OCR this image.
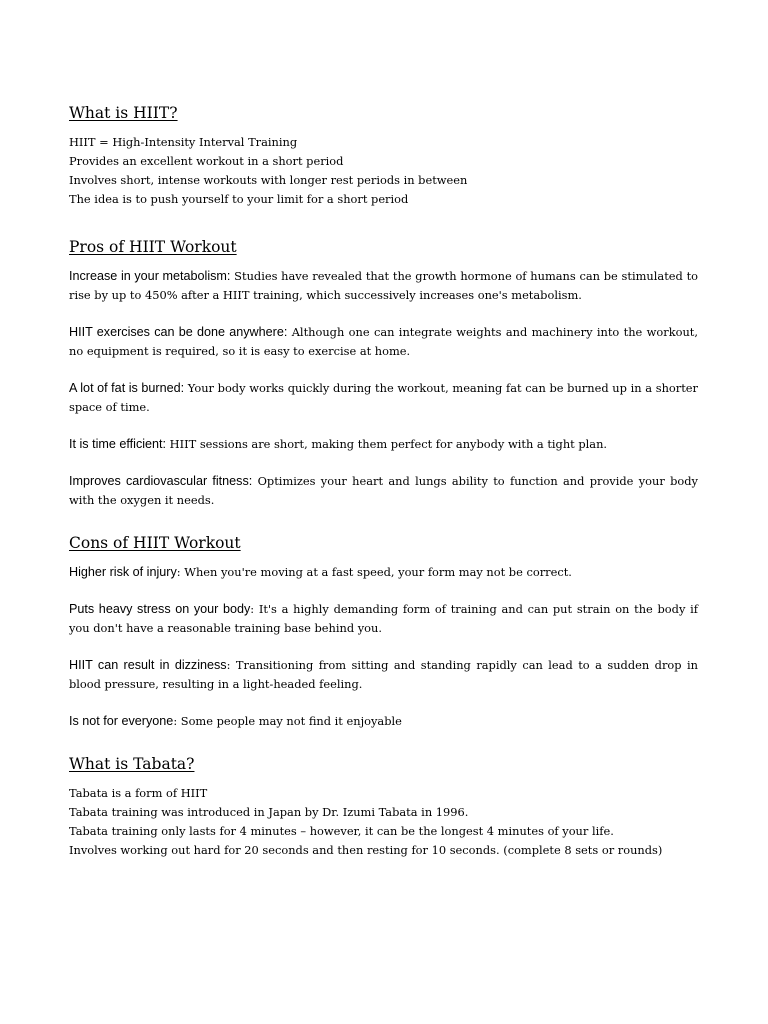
What is HIIT?

HIIT = High-Intensity Interval Training

Provides an excellent workout in a short period

Involves short, intense workouts with longer rest periods in between

The idea is to push yourself to your limit for a short period

Pros of HIIT Workout

Increase in your metabolism: Studies have revealed that the growth hormone of humans can be stimulated to rise by up to 450% after a HIIT training, which successively increases one's metabolism.

HIIT exercises can be done anywhere: Although one can integrate weights and machinery into the workout, no equipment is required, so it is easy to exercise at home.

A lot of fat is burned: Your body works quickly during the workout, meaning fat can be burned up in a shorter space of time.

It is time efficient: HIIT sessions are short, making them perfect for anybody with a tight plan.

Improves cardiovascular fitness: Optimizes your heart and lungs ability to function and provide your body with the oxygen it needs.

Cons of HIIT Workout

Higher risk of injury: When you're moving at a fast speed, your form may not be correct.

Puts heavy stress on your body: It's a highly demanding form of training and can put strain on the body if you don't have a reasonable training base behind you.

HIIT can result in dizziness: Transitioning from sitting and standing rapidly can lead to a sudden drop in blood pressure, resulting in a light-headed feeling.

Is not for everyone: Some people may not find it enjoyable

What is Tabata?

Tabata is a form of HIIT

Tabata training was introduced in Japan by Dr. Izumi Tabata in 1996.

Tabata training only lasts for 4 minutes – however, it can be the longest 4 minutes of your life.

Involves working out hard for 20 seconds and then resting for 10 seconds. (complete 8 sets or rounds)
